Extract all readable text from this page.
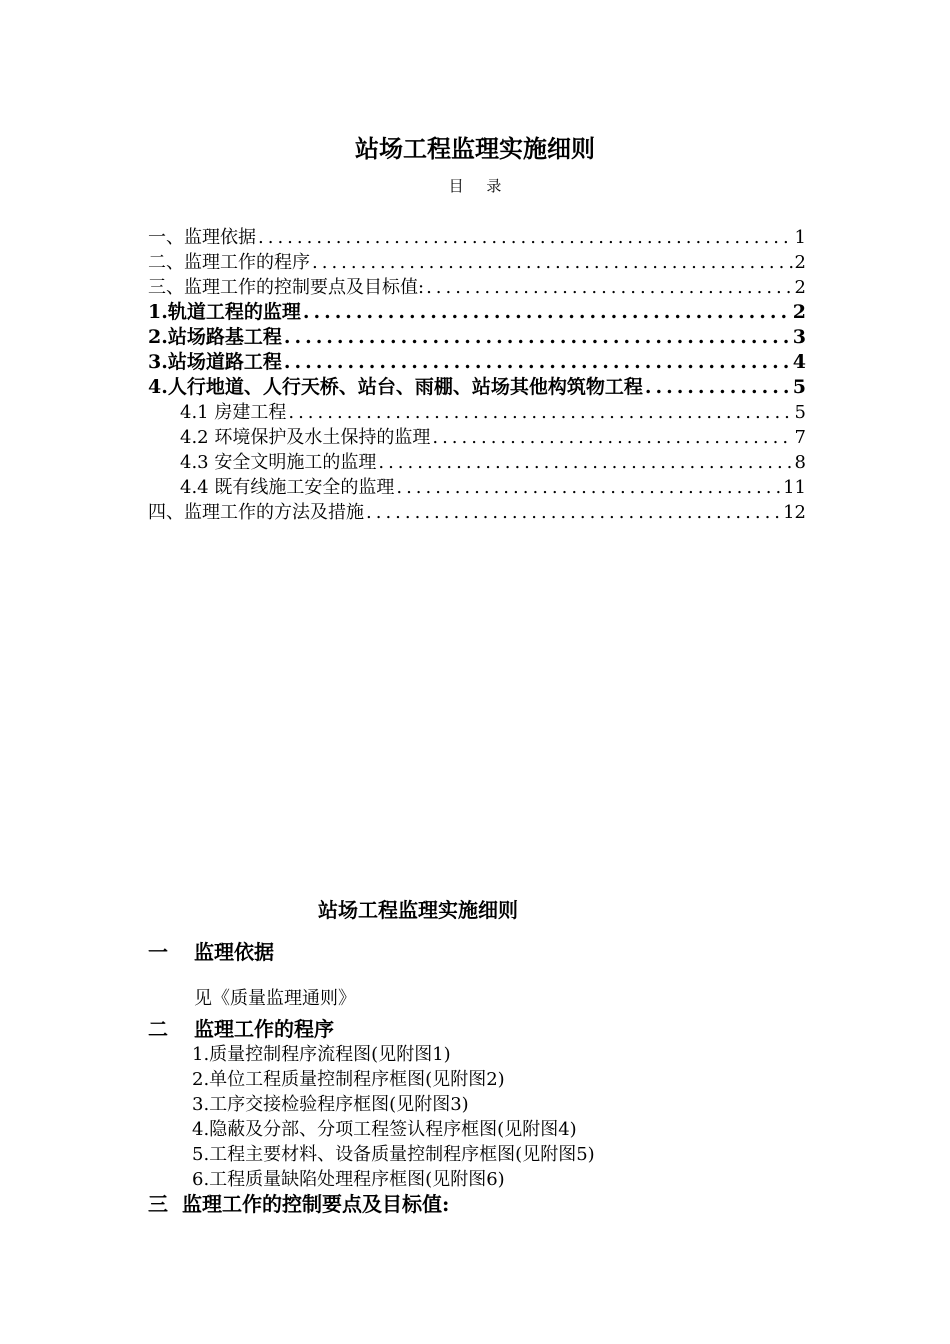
站场工程监理实施细则
目 录
一、监理依据 .....	1
二、监理工作的程序 .....	2
三、监理工作的控制要点及目标值: .....	2
1.轨道工程的监理 .....	2
2.站场路基工程 .....	3
3.站场道路工程 .....	4
4.人行地道、人行天桥、站台、雨棚、站场其他构筑物工程 .....	5
4.1 房建工程 .....	5
4.2 环境保护及水土保持的监理 .....	7
4.3 安全文明施工的监理 .....	8
4.4 既有线施工安全的监理 .....	11
四、监理工作的方法及措施 .....	12
站场工程监理实施细则
一 监理依据
见《质量监理通则》
二 监理工作的程序
1.质量控制程序流程图(见附图1)
2.单位工程质量控制程序框图(见附图2)
3.工序交接检验程序框图(见附图3)
4.隐蔽及分部、分项工程签认程序框图(见附图4)
5.工程主要材料、设备质量控制程序框图(见附图5)
6.工程质量缺陷处理程序框图(见附图6)
三 监理工作的控制要点及目标值:
